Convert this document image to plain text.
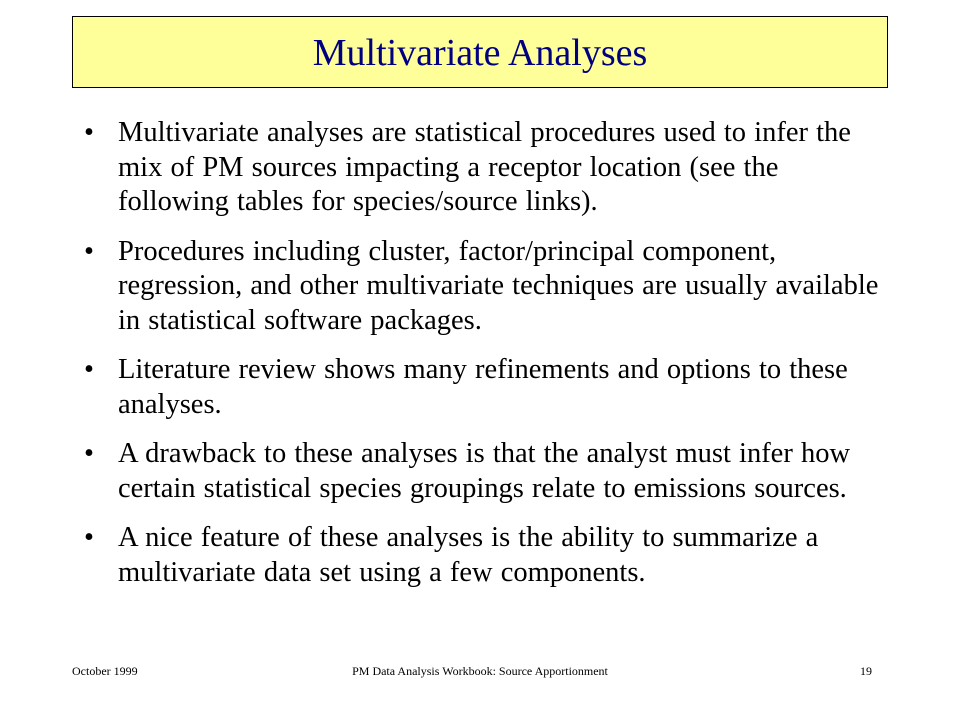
Multivariate Analyses
• Multivariate analyses are statistical procedures used to infer the mix of PM sources impacting a receptor location (see the following tables for species/source links).
• Procedures including cluster, factor/principal component, regression, and other multivariate techniques are usually available in statistical software packages.
• Literature review shows many refinements and options to these analyses.
• A drawback to these analyses is that the analyst must infer how certain statistical species groupings relate to emissions sources.
• A nice feature of these analyses is the ability to summarize a multivariate data set using a few components.
October 1999	PM Data Analysis Workbook: Source Apportionment	19
